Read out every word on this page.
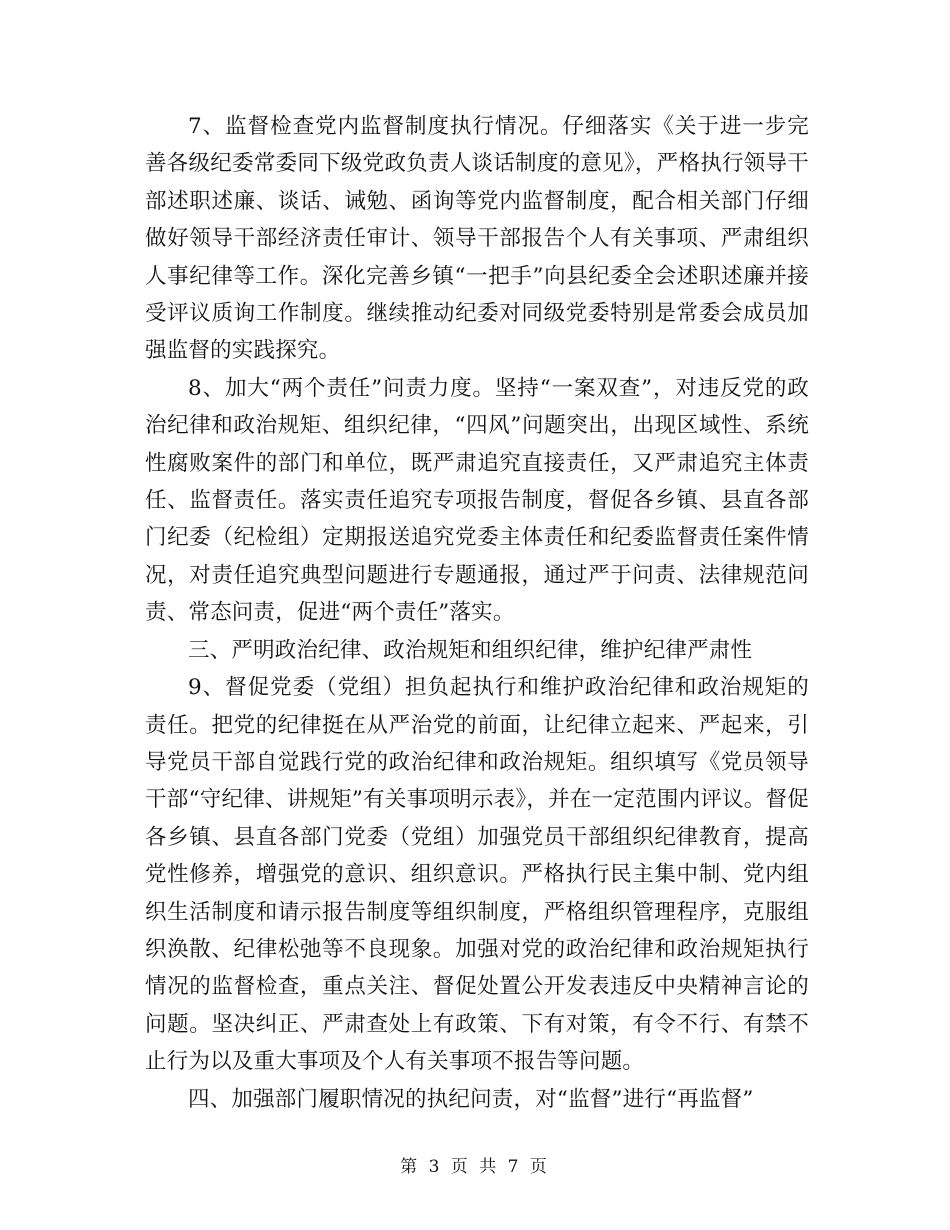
7、监督检查党内监督制度执行情况。仔细落实《关于进一步完善各级纪委常委同下级党政负责人谈话制度的意见》，严格执行领导干部述职述廉、谈话、诫勉、函询等党内监督制度，配合相关部门仔细做好领导干部经济责任审计、领导干部报告个人有关事项、严肃组织人事纪律等工作。深化完善乡镇“一把手”向县纪委全会述职述廉并接受评议质询工作制度。继续推动纪委对同级党委特别是常委会成员加强监督的实践探究。

8、加大“两个责任”问责力度。坚持“一案双查”，对违反党的政治纪律和政治规矩、组织纪律，“四风”问题突出，出现区域性、系统性腐败案件的部门和单位，既严肃追究直接责任，又严肃追究主体责任、监督责任。落实责任追究专项报告制度，督促各乡镇、县直各部门纪委（纪检组）定期报送追究党委主体责任和纪委监督责任案件情况，对责任追究典型问题进行专题通报，通过严于问责、法律规范问责、常态问责，促进“两个责任”落实。

三、严明政治纪律、政治规矩和组织纪律，维护纪律严肃性

9、督促党委（党组）担负起执行和维护政治纪律和政治规矩的责任。把党的纪律挺在从严治党的前面，让纪律立起来、严起来，引导党员干部自觉践行党的政治纪律和政治规矩。组织填写《党员领导干部“守纪律、讲规矩”有关事项明示表》，并在一定范围内评议。督促各乡镇、县直各部门党委（党组）加强党员干部组织纪律教育，提高党性修养，增强党的意识、组织意识。严格执行民主集中制、党内组织生活制度和请示报告制度等组织制度，严格组织管理程序，克服组织涣散、纪律松弛等不良现象。加强对党的政治纪律和政治规矩执行情况的监督检查，重点关注、督促处置公开发表违反中央精神言论的问题。坚决纠正、严肃查处上有政策、下有对策，有令不行、有禁不止行为以及重大事项及个人有关事项不报告等问题。

四、加强部门履职情况的执纪问责，对“监督”进行“再监督”

第 3 页 共 7 页
